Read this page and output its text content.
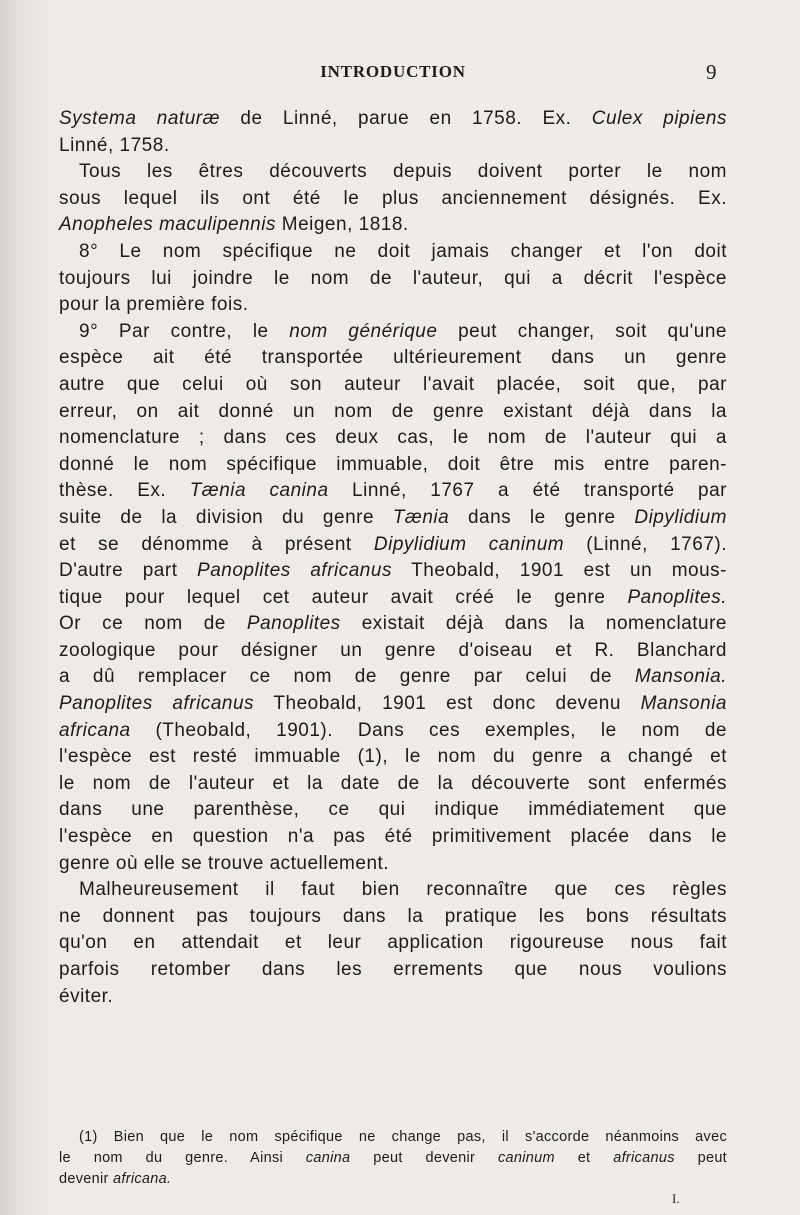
INTRODUCTION	9
Systema naturæ de Linné, parue en 1758. Ex. Culex pipiens
Linné, 1758.
Tous les êtres découverts depuis doivent porter le nom
sous lequel ils ont été le plus anciennement désignés. Ex.
Anopheles maculipennis Meigen, 1818.
8° Le nom spécifique ne doit jamais changer et l'on doit
toujours lui joindre le nom de l'auteur, qui a décrit l'espèce
pour la première fois.
9° Par contre, le nom générique peut changer, soit qu'une
espèce ait été transportée ultérieurement dans un genre
autre que celui où son auteur l'avait placée, soit que, par
erreur, on ait donné un nom de genre existant déjà dans la
nomenclature ; dans ces deux cas, le nom de l'auteur qui a
donné le nom spécifique immuable, doit être mis entre paren-
thèse. Ex. Tænia canina Linné, 1767 a été transporté par
suite de la division du genre Tænia dans le genre Dipylidium
et se dénomme à présent Dipylidium caninum (Linné, 1767).
D'autre part Panoplites africanus Theobald, 1901 est un mous-
tique pour lequel cet auteur avait créé le genre Panoplites.
Or ce nom de Panoplites existait déjà dans la nomenclature
zoologique pour désigner un genre d'oiseau et R. Blanchard
a dû remplacer ce nom de genre par celui de Mansonia.
Panoplites africanus Theobald, 1901 est donc devenu Mansonia
africana (Theobald, 1901). Dans ces exemples, le nom de
l'espèce est resté immuable (1), le nom du genre a changé et
le nom de l'auteur et la date de la découverte sont enfermés
dans une parenthèse, ce qui indique immédiatement que
l'espèce en question n'a pas été primitivement placée dans le
genre où elle se trouve actuellement.
Malheureusement il faut bien reconnaître que ces règles
ne donnent pas toujours dans la pratique les bons résultats
qu'on en attendait et leur application rigoureuse nous fait
parfois retomber dans les errements que nous voulions
éviter.
(1) Bien que le nom spécifique ne change pas, il s'accorde néanmoins avec
le nom du genre. Ainsi canina peut devenir caninum et africanus peut
devenir africana.
I.
